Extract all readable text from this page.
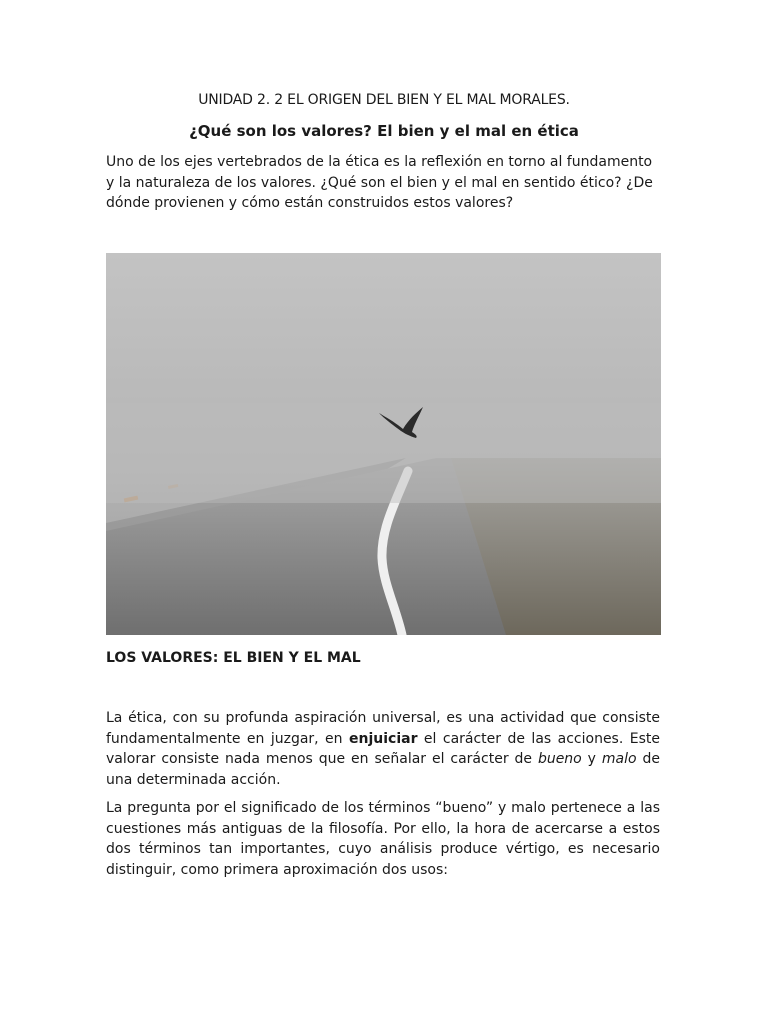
UNIDAD 2. 2 EL ORIGEN DEL BIEN Y EL MAL MORALES.
¿Qué son los valores? El bien y el mal en ética

Uno de los ejes vertebrados de la ética es la reflexión en torno al fundamento y la naturaleza de los valores. ¿Qué son el bien y el mal en sentido ético? ¿De dónde provienen y cómo están construidos estos valores?

LOS VALORES: EL BIEN Y EL MAL

La ética, con su profunda aspiración universal, es una actividad que consiste fundamentalmente en juzgar, en enjuiciar el carácter de las acciones. Este valorar consiste nada menos que en señalar el carácter de bueno y malo de una determinada acción.

La pregunta por el significado de los términos “bueno” y malo pertenece a las cuestiones más antiguas de la filosofía. Por ello, la hora de acercarse a estos dos términos tan importantes, cuyo análisis produce vértigo, es necesario distinguir, como primera aproximación dos usos:
